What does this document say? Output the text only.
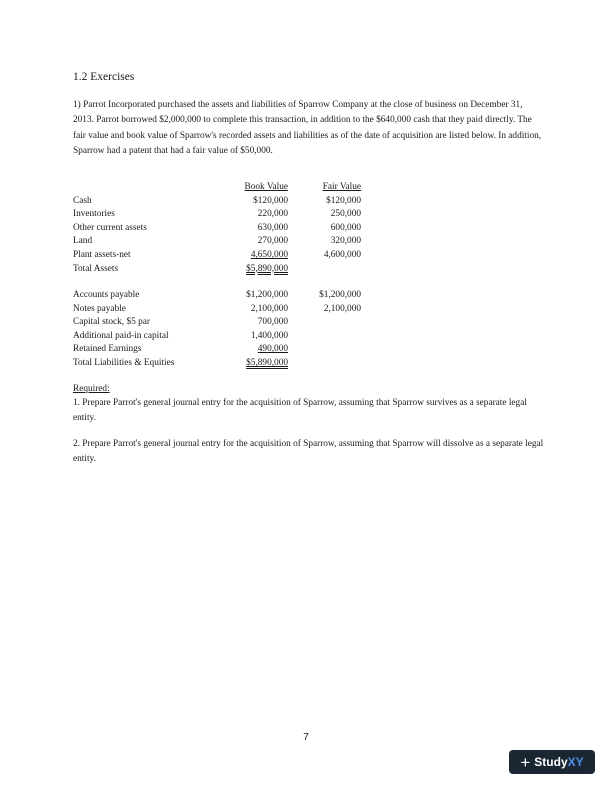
1.2 Exercises
1) Parrot Incorporated purchased the assets and liabilities of Sparrow Company at the close of business on December 31, 2013. Parrot borrowed $2,000,000 to complete this transaction, in addition to the $640,000 cash that they paid directly. The fair value and book value of Sparrow's recorded assets and liabilities as of the date of acquisition are listed below. In addition, Sparrow had a patent that had a fair value of $50,000.
	Book Value	Fair Value
Cash	$120,000	$120,000
Inventories	220,000	250,000
Other current assets	630,000	600,000
Land	270,000	320,000
Plant assets-net	4,650,000	4,600,000
Total Assets	$5,890,000	
Accounts payable	$1,200,000	$1,200,000
Notes payable	2,100,000	2,100,000
Capital stock, $5 par	700,000	
Additional paid-in capital	1,400,000	
Retained Earnings	490,000	
Total Liabilities & Equities	$5,890,000	
Required:
1. Prepare Parrot's general journal entry for the acquisition of Sparrow, assuming that Sparrow survives as a separate legal entity.
2. Prepare Parrot's general journal entry for the acquisition of Sparrow, assuming that Sparrow will dissolve as a separate legal entity.
7
+ Study XY
